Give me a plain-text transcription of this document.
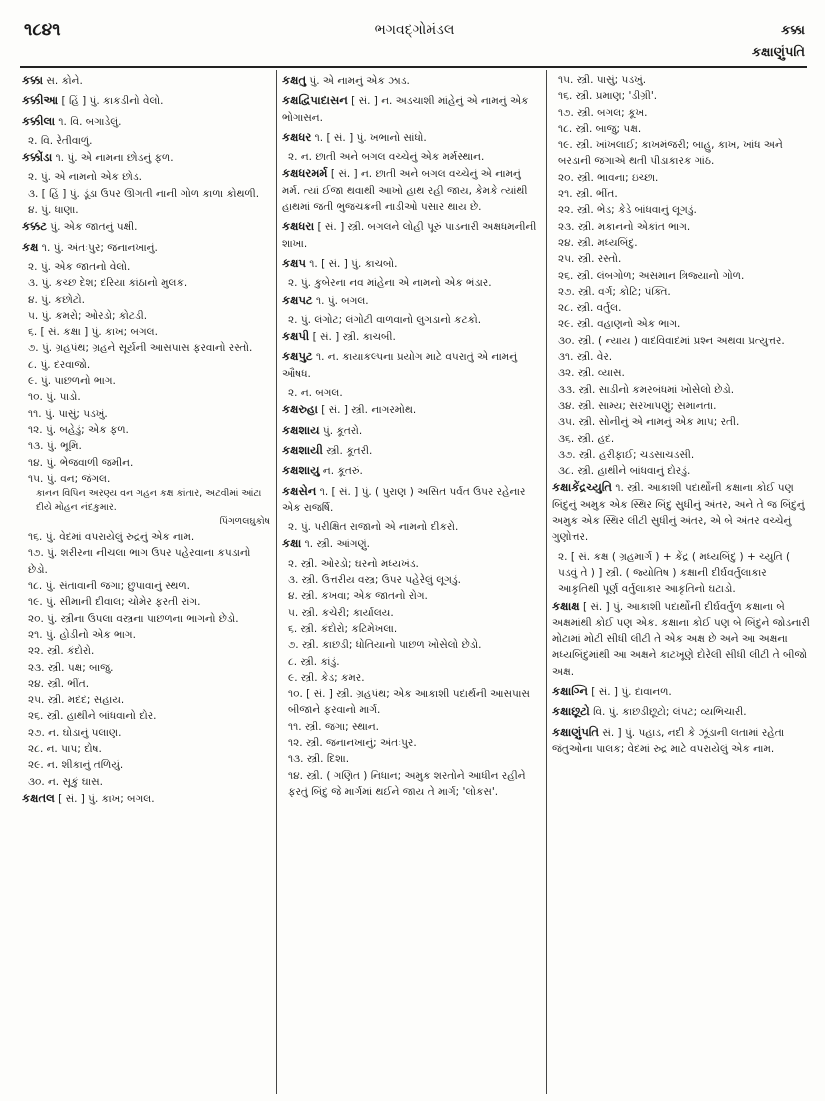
૧૮૪૧	ભગવદ્ગોમંડલ	કક્કા
કક્ષાણુંપતિ
કક્કા સ. કોને.
કક્કીઆ [ હિં ] પું. કાકડીનો વેલો.
કક્કીલા ૧. વિ. બગાડેલું.
૨. વિ. રેતીવાળું.
કક્કોંડા ૧. પું. એ નામના છોડનું ફળ.
૨. પું. એ નામનો એક છોડ.
૩. [ હિં ] પું. ડૂંડા ઉપર ઊગતી નાની ગોળ કાળા કોથળી.
૪. પું. ધાણા.
કક્કટ પું. એક જાતનું પક્ષી.
કક્ષ ૧. પું. અંતઃપુર; જનાનખાનું.
૨. પું. એક જાતનો વેલો.
૩. પું. કચ્છ દેશ; દરિયા કાંઠાનો મુલક.
૪. પું. કછોટો.
૫. પું. કમરો; ઓરડો; કોટડી.
૬. [ સં. કક્ષા ] પું. કાખ; બગલ.
૭. પું. ગ્રહપંથ; ગ્રહને સૂર્યની આસપાસ ફરવાનો રસ્તો.
૮. પું. દરવાજો.
૯. પું. પાછળનો ભાગ.
૧૦. પું. પાડો.
૧૧. પું. પાસું; પડખું.
૧૨. પું. બહેડું; એક ફળ.
૧૩. પું. ભૂમિ.
૧૪. પું. ભેજવાળી જમીન.
૧૫. પું. વન; જંગલ.
કાનન વિપિન અરણ્ય વન ગહન કક્ષ કાંતાર, અટવીમાં આંટા દીયે મોહન નંદકુમાર.
પિંગળલઘુકોષ
૧૬. પું. વેદમાં વપરાયેલું રુદ્રનું એક નામ.
૧૭. પું. શરીરના નીચલા ભાગ ઉપર પહેરવાના કપડાનો છેડો.
૧૮. પું. સંતાવાની જગા; છુપાવાનું સ્થળ.
૧૯. પું. સીમાની દીવાલ; ચોમેર ફરતી રાંગ.
૨૦. પું. સ્ત્રીના ઉપલા વસ્ત્રના પાછળના ભાગનો છેડો.
૨૧. પું. હોડીનો એક ભાગ.
૨૨. સ્ત્રી. કંદોરો.
૨૩. સ્ત્રી. પક્ષ; બાજુ.
૨૪. સ્ત્રી. ભીંત.
૨૫. સ્ત્રી. મદદ; સહાય.
૨૬. સ્ત્રી. હાથીને બાંધવાનો દોર.
૨૭. ન. ઘોડાનું પલાણ.
૨૮. ન. પાપ; દોષ.
૨૯. ન. શીકાનું તળિયું.
૩૦. ન. સૂકું ઘાસ.
કક્ષતલ [ સં. ] પું. કાખ; બગલ.
કક્ષતુ પું. એ નામનું એક ઝાડ.
કક્ષદ્વિપાદાસન [ સં. ] ન. અડચાશી માંહેનું એ નામનું એક ભોગાસન.
કક્ષધર ૧. [ સં. ] પું. ખભાનો સાંધો.
૨. ન. છાતી અને બગલ વચ્ચેનું એક મર્મસ્થાન.
કક્ષધરમર્મ [ સં. ] ન. છાતી અને બગલ વચ્ચેનું એ નામનું મર્મ. ત્યાં ઈજા થવાથી આખો હાથ રહી જાય, કેમકે ત્યાંથી હાથમાં જતી ભુજચક્રની નાડીઓ પસાર થાય છે.
કક્ષધરા [ સં. ] સ્ત્રી. બગલને લોહી પૂરું પાડનારી અક્ષધમનીની શાખા.
કક્ષપ ૧. [ સં. ] પું. કાચબો.
૨. પું. કુબેરના નવ માંહેના એ નામનો એક ભંડાર.
કક્ષપટ ૧. પું. બગલ.
૨. પું. લંગોટ; લંગોટી વાળવાનો લુગડાનો કટકો.
કક્ષપી [ સં. ] સ્ત્રી. કાચબી.
કક્ષપુટ ૧. ન. કાયાકલ્પના પ્રયોગ માટે વપરાતું એ નામનું ઔષધ.
૨. ન. બગલ.
કક્ષરુહા [ સં. ] સ્ત્રી. નાગરમોથ.
કક્ષશાય પું. કૂતરો.
કક્ષશાયી સ્ત્રી. કૂતરી.
કક્ષશાયુ ન. કૂતરું.
કક્ષસેન ૧. [ સં. ] પું. ( પુરાણ ) અસિત પર્વત ઉપર રહેનાર એક રાજર્ષિ.
૨. પું. પરીક્ષિત રાજાનો એ નામનો દીકરો.
કક્ષા ૧. સ્ત્રી. આંગણું.
૨. સ્ત્રી. ઓરડો; ઘરનો મધ્યખંડ.
૩. સ્ત્રી. ઉત્તરીય વસ્ત્ર; ઉપર પહેરેલું લૂગડું.
૪. સ્ત્રી. કખવા; એક જાતનો રોગ.
૫. સ્ત્રી. કચેરી; કાર્યાલય.
૬. સ્ત્રી. કંદોરો; કટિમેખલા.
૭. સ્ત્રી. કાછડી; ધોતિયાનો પાછળ ખોસેલો છેડો.
૮. સ્ત્રી. કાંડું.
૯. સ્ત્રી. કેડ; કમર.
૧૦. [ સં. ] સ્ત્રી. ગ્રહપંથ; એક આકાશી પદાર્થની આસપાસ બીજાને ફરવાનો માર્ગ.
૧૧. સ્ત્રી. જગા; સ્થાન.
૧૨. સ્ત્રી. જનાનખાનું; અંતઃપુર.
૧૩. સ્ત્રી. દિશા.
૧૪. સ્ત્રી. ( ગણિત ) નિધાન; અમુક શરતોને આધીન રહીને ફરતું બિંદુ જે માર્ગમાં થઈને જાય તે માર્ગ; 'લોકસ'.
૧૫. સ્ત્રી. પાસું; પડખું.
૧૬. સ્ત્રી. પ્રમાણ; 'ડીગ્રી'.
૧૭. સ્ત્રી. બગલ; કૂખ.
૧૮. સ્ત્રી. બાજુ; પક્ષ.
૧૯. સ્ત્રી. ખાંખલાઈ; કાખમંજરી; બાહુ, કાખ, ખાંધ અને બરડાની જગાએ થતી પીડાકારક ગાંઠ.
૨૦. સ્ત્રી. ભાવના; ઇચ્છા.
૨૧. સ્ત્રી. ભીંત.
૨૨. સ્ત્રી. ભેડ; કેડે બાંધવાનું લૂગડું.
૨૩. સ્ત્રી. મકાનનો એકાંત ભાગ.
૨૪. સ્ત્રી. મધ્યબિંદુ.
૨૫. સ્ત્રી. રસ્તો.
૨૬. સ્ત્રી. લંબગોળ; અસમાન ત્રિજ્યાનો ગોળ.
૨૭. સ્ત્રી. વર્ગ; કોટિ; પંક્તિ.
૨૮. સ્ત્રી. વર્તુલ.
૨૯. સ્ત્રી. વહાણનો એક ભાગ.
૩૦. સ્ત્રી. ( ન્યાય ) વાદવિવાદમાં પ્રશ્ન અથવા પ્રત્યુત્તર.
૩૧. સ્ત્રી. વેર.
૩૨. સ્ત્રી. વ્યાસ.
૩૩. સ્ત્રી. સાડીનો કમરબંધમાં ખોસેલો છેડો.
૩૪. સ્ત્રી. સામ્ય; સરખાપણું; સમાનતા.
૩૫. સ્ત્રી. સોનીનું એ નામનું એક માપ; રતી.
૩૬. સ્ત્રી. હદ.
૩૭. સ્ત્રી. હરીફાઈ; ચડસાચડસી.
૩૮. સ્ત્રી. હાથીને બાંધવાનું દોરડું.
કક્ષાકેંદ્રચ્યુતિ ૧. સ્ત્રી. આકાશી પદાર્થોની કક્ષાના કોઈ પણ બિંદુનું અમુક એક સ્થિર બિંદુ સુધીનું અંતર, અને તે જ બિંદુનું અમુક એક સ્થિર લીટી સુધીનું અંતર, એ બે અંતર વચ્ચેનું ગુણોત્તર.
૨. [ સં. કક્ષ ( ગ્રહમાર્ગ ) + કેંદ્ર ( મધ્યબિંદુ ) + ચ્યુતિ ( પડવું તે ) ] સ્ત્રી. ( જ્યોતિષ ) કક્ષાની દીર્ઘવર્તુલાકાર આકૃતિથી પૂર્ણ વર્તુલાકાર આકૃતિનો ઘટાડો.
કક્ષાક્ષ [ સં. ] પું. આકાશી પદાર્થોની દીર્ઘવર્તુળ કક્ષાના બે અક્ષમાંથી કોઈ પણ એક. કક્ષાના કોઈ પણ બે બિંદુને જોડનારી મોટામાં મોટી સીધી લીટી તે એક અક્ષ છે અને આ અક્ષના મધ્યબિંદુમાંથી આ અક્ષને કાટખૂણે દોરેલી સીધી લીટી તે બીજો અક્ષ.
કક્ષાગ્નિ [ સં. ] પું. દાવાનળ.
કક્ષાછૂટો વિ. પું. કાછડીછૂટો; લંપટ; વ્યભિચારી.
કક્ષાણુંપતિ સં. ] પું. પહાડ, નદી કે ઝૂંડાની લતામાં રહેતા જંતુઓના પાલક; વેદમાં રુદ્ર માટે વપરાયેલું એક નામ.
